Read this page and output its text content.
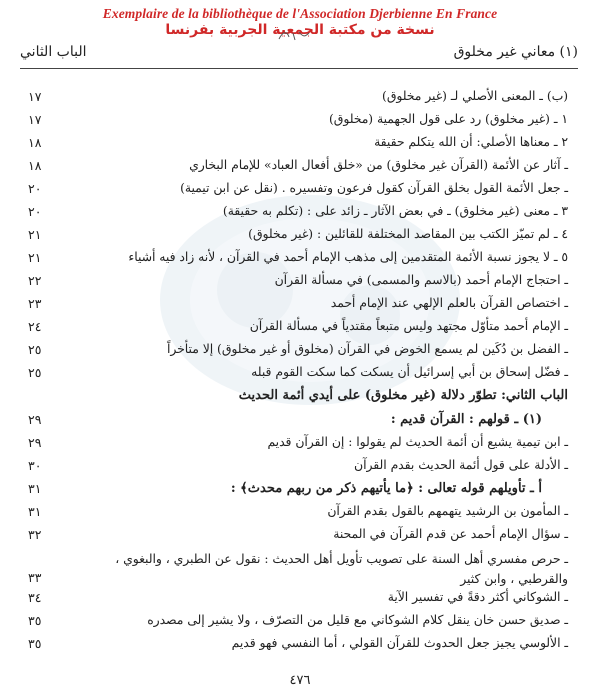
Exemplaire de la bibliothèque de l'Association Djerbienne En France
نسخة من مكتبة الجمعية الجربية بفرنسا
(١) معاني غير مخلوق
الباب الثاني
(ب) ـ المعنى الأصلي لـ (غير مخلوق)
١٧
١ ـ (غير مخلوق) رد على قول الجهمية (مخلوق)
١٧
٢ ـ معناها الأصلي: أن الله يتكلم حقيقة
١٨
ـ آثار عن الأئمة (القرآن غير مخلوق) من «خلق أفعال العباد» للإمام البخاري
١٨
ـ جعل الأئمة القول بخلق القرآن كقول فرعون وتفسيره . (نقل عن ابن تيمية)
٢٠
٣ ـ معنى (غير مخلوق) ـ في بعض الآثار ـ زائد على : (تكلم به حقيقة)
٢٠
٤ ـ لم تميّز الكتب بين المقاصد المختلفة للقائلين : (غير مخلوق)
٢١
٥ ـ لا يجوز نسبة الأئمة المتقدمين إلى مذهب الإمام أحمد في القرآن ، لأنه زاد فيه أشياء
٢١
ـ احتجاج الإمام أحمد (بالاسم والمسمى) في مسألة القرآن
٢٢
ـ اختصاص القرآن بالعلم الإلهي عند الإمام أحمد
٢٣
ـ الإمام أحمد متأوّل مجتهد وليس متبعاً مقتدياً في مسألة القرآن
٢٤
ـ الفضل بن دُكَين لم يسمع الخوض في القرآن (مخلوق أو غير مخلوق) إلا متأخراً
٢٥
ـ فضّل إسحاق بن أبي إسرائيل أن يسكت كما سكت القوم قبله
٢٥
الباب الثاني: تطوّر دلالة (غير مخلوق) على أيدي أئمة الحديث
(١) ـ قولهم : القرآن قديم :
٢٩
ـ ابن تيمية يشيع أن أئمة الحديث لم يقولوا : إن القرآن قديم
٢٩
ـ الأدلة على قول أئمة الحديث بقدم القرآن
٣٠
أ ـ تأويلهم قوله تعالى : ﴿ما يأتيهم ذكر من ربهم محدث﴾ :
٣١
ـ المأمون بن الرشيد يتهمهم بالقول بقدم القرآن
٣١
ـ سؤال الإمام أحمد عن قدم القرآن في المحنة
٣٢
ـ حرص مفسري أهل السنة على تصويب تأويل أهل الحديث : نقول عن الطبري ، والبغوي ، والقرطبي ، وابن كثير
٣٣
ـ الشوكاني أكثر دقةً في تفسير الآية
٣٤
ـ صديق حسن خان ينقل كلام الشوكاني مع قليل من التصرّف ، ولا يشير إلى مصدره
٣٥
ـ الألوسي يجيز جعل الحدوث للقرآن القولي ، أما النفسي فهو قديم
٣٥
٤٧٦
